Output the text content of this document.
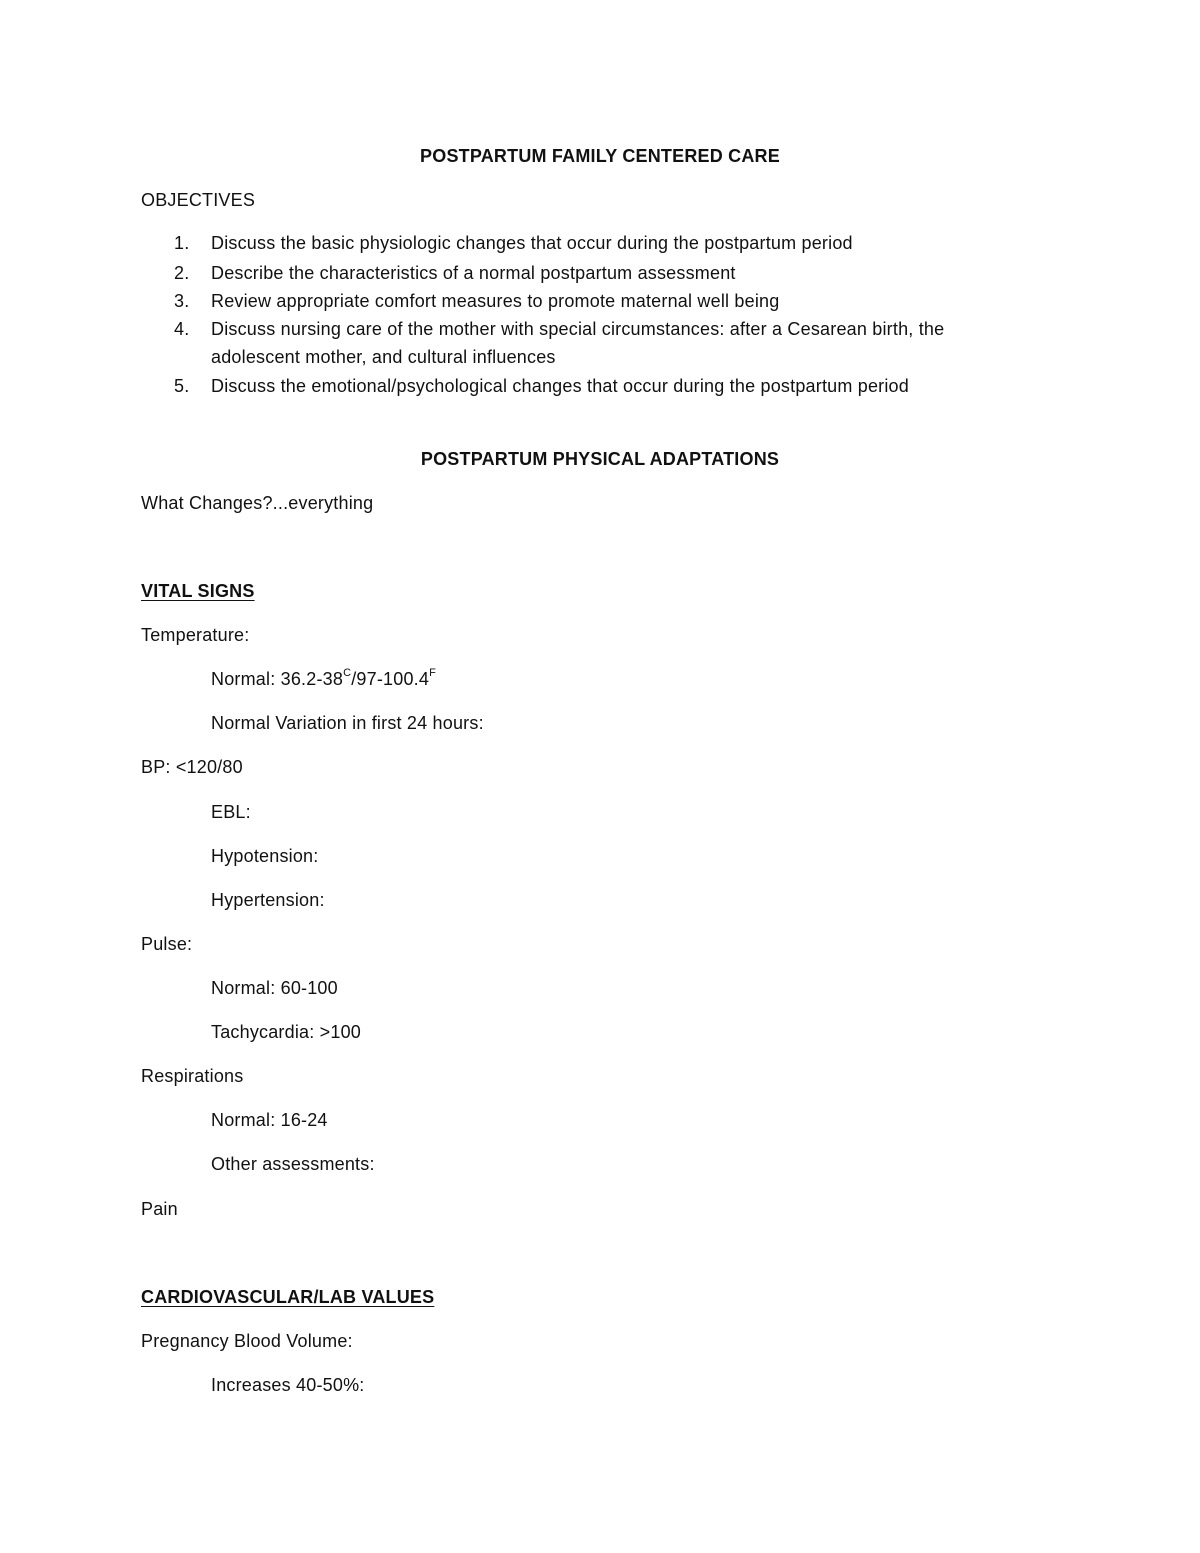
POSTPARTUM FAMILY CENTERED CARE
OBJECTIVES
1. Discuss the basic physiologic changes that occur during the postpartum period
2. Describe the characteristics of a normal postpartum assessment
3. Review appropriate comfort measures to promote maternal well being
4. Discuss nursing care of the mother with special circumstances: after a Cesarean birth, the
adolescent mother, and cultural influences
5. Discuss the emotional/psychological changes that occur during the postpartum period
POSTPARTUM PHYSICAL ADAPTATIONS
What Changes?...everything
VITAL SIGNS
Temperature:
Normal: $36.2-38^C/97-100.4^F$
Normal Variation in first 24 hours:
BP: <120/80
EBL:
Hypotension:
Hypertension:
Pulse:
Normal: 60-100
Tachycardia: >100
Respirations
Normal: 16-24
Other assessments:
Pain
CARDIOVASCULAR/LAB VALUES
Pregnancy Blood Volume:
Increases 40-50%:
